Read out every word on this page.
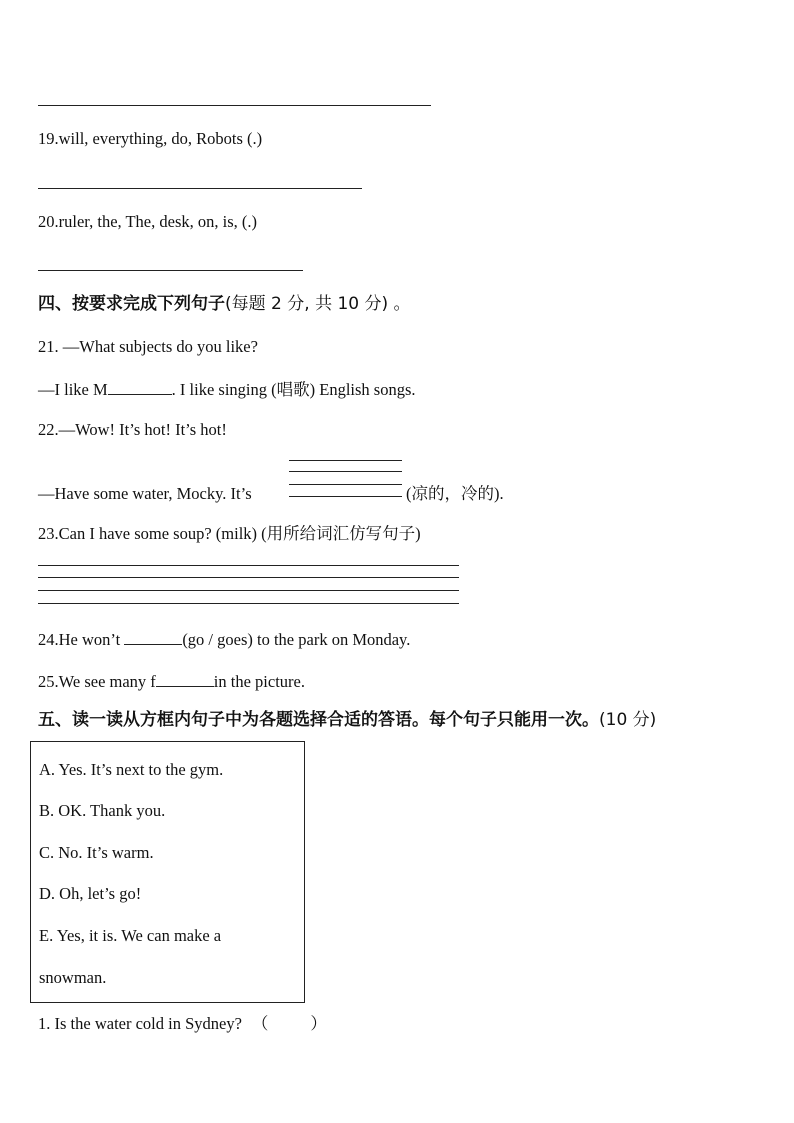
19.will, everything, do, Robots (.)
20.ruler, the, The, desk, on, is, (.)
四、按要求完成下列句子(每题 2 分, 共 10 分) 。
21. —What subjects do you like?
—I like M	. I like singing (唱歌) English songs.
22.—Wow! It’s hot! It’s hot!
—Have some water, Mocky. It’s	(凉的，冷的).
23.Can I have some soup? (milk) (用所给词汇仿写句子)
24.He won’t	(go / goes) to the park on Monday.
25.We see many f	in the picture.
五、读一读从方框内句子中为各题选择合适的答语。每个句子只能用一次。(10 分)
A. Yes. It’s next to the gym.
B. OK. Thank you.
C. No. It’s warm.
D. Oh, let’s go!
E. Yes, it is. We can make a
snowman.
1. Is the water cold in Sydney? （	）
